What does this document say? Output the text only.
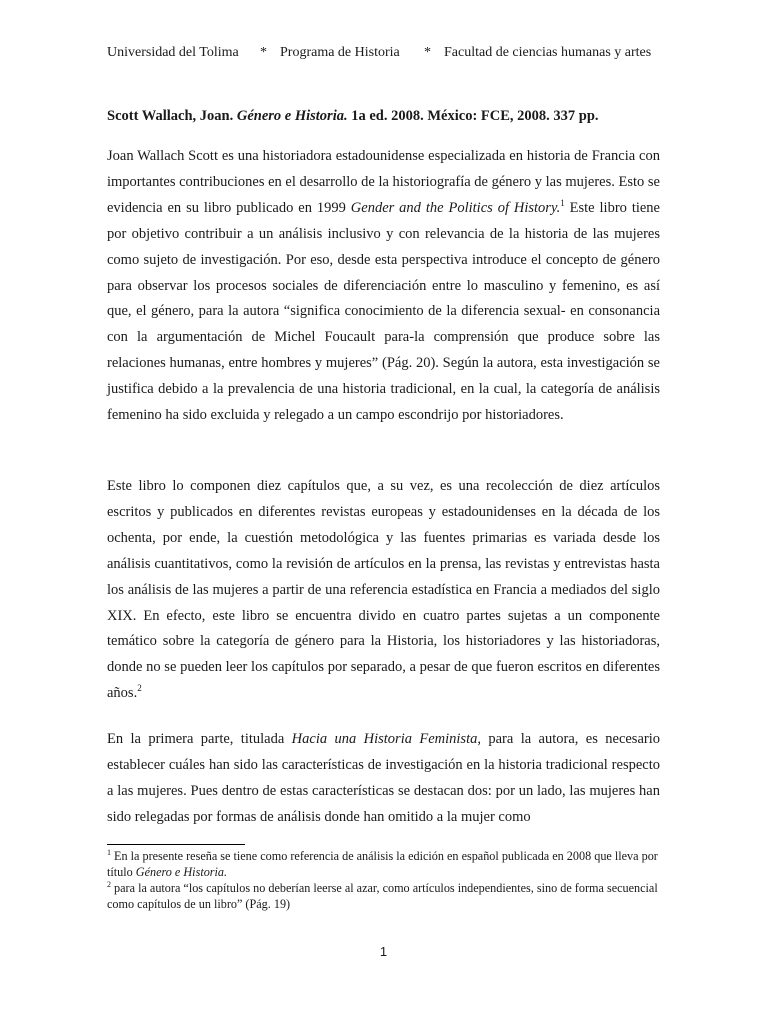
Universidad del Tolima	* Programa de Historia	* Facultad de ciencias humanas y artes
Scott Wallach, Joan. Género e Historia. 1a ed. 2008. México: FCE, 2008. 337 pp.
Joan Wallach Scott es una historiadora estadounidense especializada en historia de Francia con importantes contribuciones en el desarrollo de la historiografía de género y las mujeres. Esto se evidencia en su libro publicado en 1999 Gender and the Politics of History.$^1$ Este libro tiene por objetivo contribuir a un análisis inclusivo y con relevancia de la historia de las mujeres como sujeto de investigación. Por eso, desde esta perspectiva introduce el concepto de género para observar los procesos sociales de diferenciación entre lo masculino y femenino, es así que, el género, para la autora “significa conocimiento de la diferencia sexual- en consonancia con la argumentación de Michel Foucault para-la comprensión que produce sobre las relaciones humanas, entre hombres y mujeres” (Pág. 20). Según la autora, esta investigación se justifica debido a la prevalencia de una historia tradicional, en la cual, la categoría de análisis femenino ha sido excluida y relegado a un campo escondrijo por historiadores.
Este libro lo componen diez capítulos que, a su vez, es una recolección de diez artículos escritos y publicados en diferentes revistas europeas y estadounidenses en la década de los ochenta, por ende, la cuestión metodológica y las fuentes primarias es variada desde los análisis cuantitativos, como la revisión de artículos en la prensa, las revistas y entrevistas hasta los análisis de las mujeres a partir de una referencia estadística en Francia a mediados del siglo XIX. En efecto, este libro se encuentra divido en cuatro partes sujetas a un componente temático sobre la categoría de género para la Historia, los historiadores y las historiadoras, donde no se pueden leer los capítulos por separado, a pesar de que fueron escritos en diferentes años.$^2$
En la primera parte, titulada Hacia una Historia Feminista, para la autora, es necesario establecer cuáles han sido las características de investigación en la historia tradicional respecto a las mujeres. Pues dentro de estas características se destacan dos: por un lado, las mujeres han sido relegadas por formas de análisis donde han omitido a la mujer como
$^1$ En la presente reseña se tiene como referencia de análisis la edición en español publicada en 2008 que lleva por título Género e Historia.
$^2$ para la autora “los capítulos no deberían leerse al azar, como artículos independientes, sino de forma secuencial como capítulos de un libro” (Pág. 19)
1
